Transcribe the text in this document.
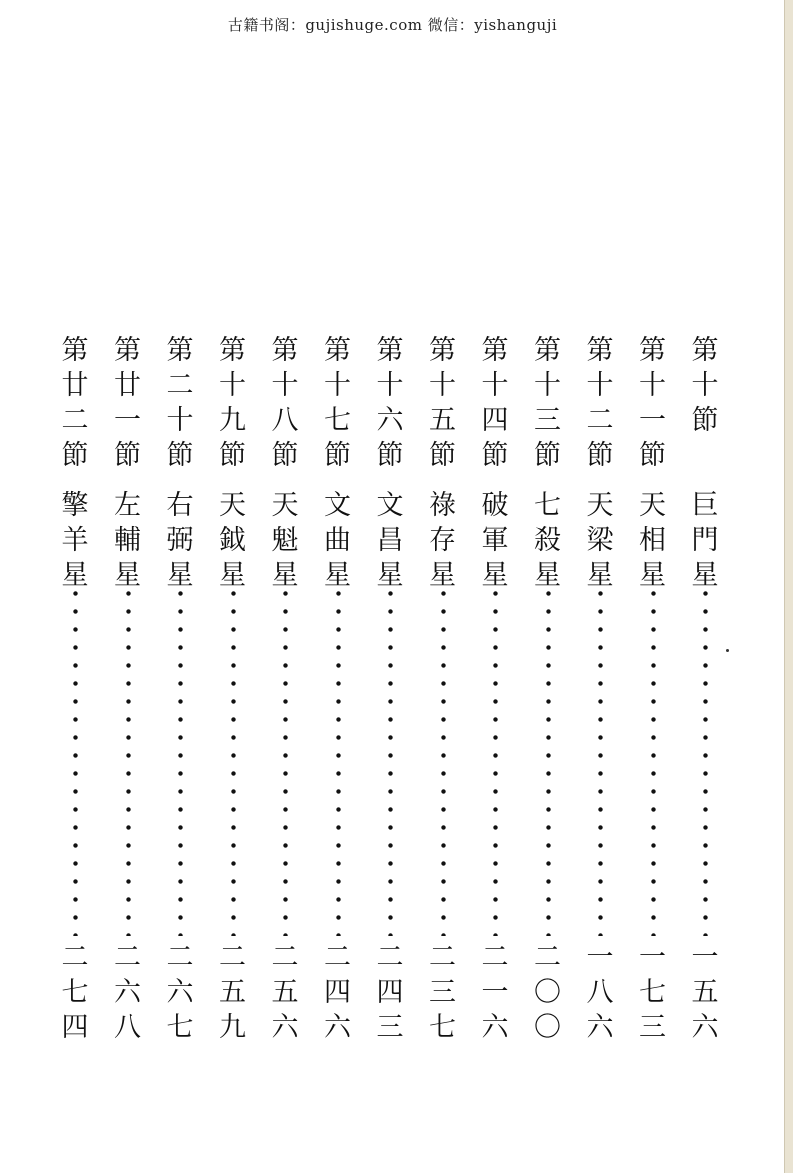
古籍书阁：gujishuge.com 微信：yishanguji
第
十
節
巨
門
星
一
五
六
第
十
一
節
天
相
星
一
七
三
第
十
二
節
天
梁
星
一
八
六
第
十
三
節
七
殺
星
二
〇
〇
第
十
四
節
破
軍
星
二
一
六
第
十
五
節
祿
存
星
二
三
七
第
十
六
節
文
昌
星
二
四
三
第
十
七
節
文
曲
星
二
四
六
第
十
八
節
天
魁
星
二
五
六
第
十
九
節
天
鉞
星
二
五
九
第
二
十
節
右
弼
星
二
六
七
第
廿
一
節
左
輔
星
二
六
八
第
廿
二
節
擎
羊
星
二
七
四
